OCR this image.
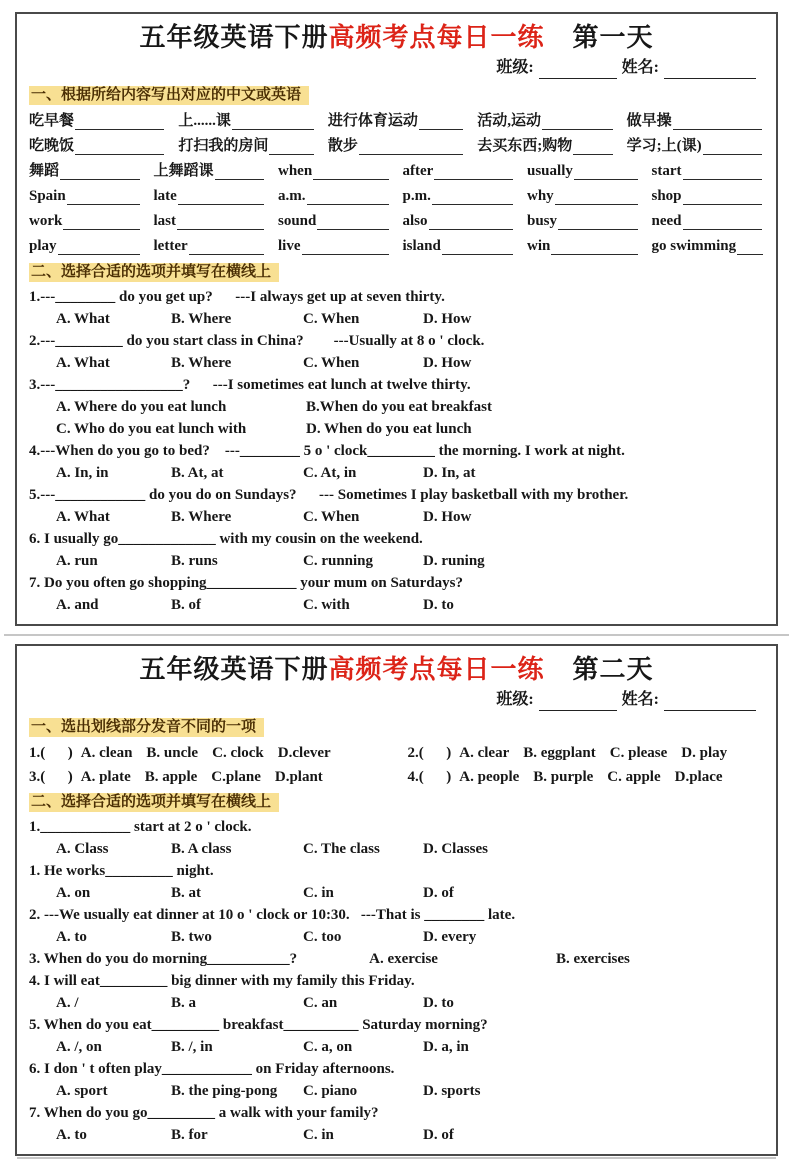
五年级英语下册高频考点每日一练 第一天
班级:	姓名:
一、根据所给内容写出对应的中文或英语
吃早餐	上......课	进行体育运动	活动,运动	做早操
吃晚饭	打扫我的房间	散步	去买东西;购物	学习;上(课)
舞蹈	上舞蹈课	when	after	usually	start
Spain	late	a.m.	p.m.	why	shop
work	last	sound	also	busy	need
play	letter	live	island	win	go swimming
二、选择合适的选项并填写在横线上
1.---________ do you get up?      ---I always get up at seven thirty.
A. What	B. Where	C. When	D. How
2.---_________ do you start class in China?        ---Usually at 8 o ' clock.
A. What	B. Where	C. When	D. How
3.---_________________?      ---I sometimes eat lunch at twelve thirty.
A. Where do you eat lunch	B.When do you eat breakfast
C. Who do you eat lunch with	D. When do you eat lunch
4.---When do you go to bed?    ---________ 5 o ' clock_________ the morning. I work at night.
A. In, in	B. At, at	C. At, in	D. In, at
5.---____________ do you do on Sundays?      --- Sometimes I play basketball with my brother.
A. What	B. Where	C. When	D. How
6. I usually go_____________ with my cousin on the weekend.
A. run	B. runs	C. running	D. runing
7. Do you often go shopping____________ your mum on Saturdays?
A. and	B. of	C. with	D. to
五年级英语下册高频考点每日一练 第二天
班级:	姓名:
一、选出划线部分发音不同的一项
1.(      ) A. clean B. uncle C. clock D.clever	2.(      ) A. clear B. eggplant C. please D. play
3.(      ) A. plate B. apple C.plane D.plant	4.(      ) A. people B. purple C. apple D.place
二、选择合适的选项并填写在横线上
1.____________ start at 2 o ' clock.
A. Class	B. A class	C. The class	D. Classes
1. He works_________ night.
A. on	B. at	C. in	D. of
2. ---We usually eat dinner at 10 o ' clock or 10:30.   ---That is ________ late.
A. to	B. two	C. too	D. every
3. When do you do morning___________?	A. exercise	B. exercises
4. I will eat_________ big dinner with my family this Friday.
A. /	B. a	C. an	D. to
5. When do you eat_________ breakfast__________ Saturday morning?
A. /, on	B. /, in	C. a, on	D. a, in
6. I don ' t often play____________ on Friday afternoons.
A. sport	B. the ping-pong	C. piano	D. sports
7. When do you go_________ a walk with your family?
A. to	B. for	C. in	D. of
